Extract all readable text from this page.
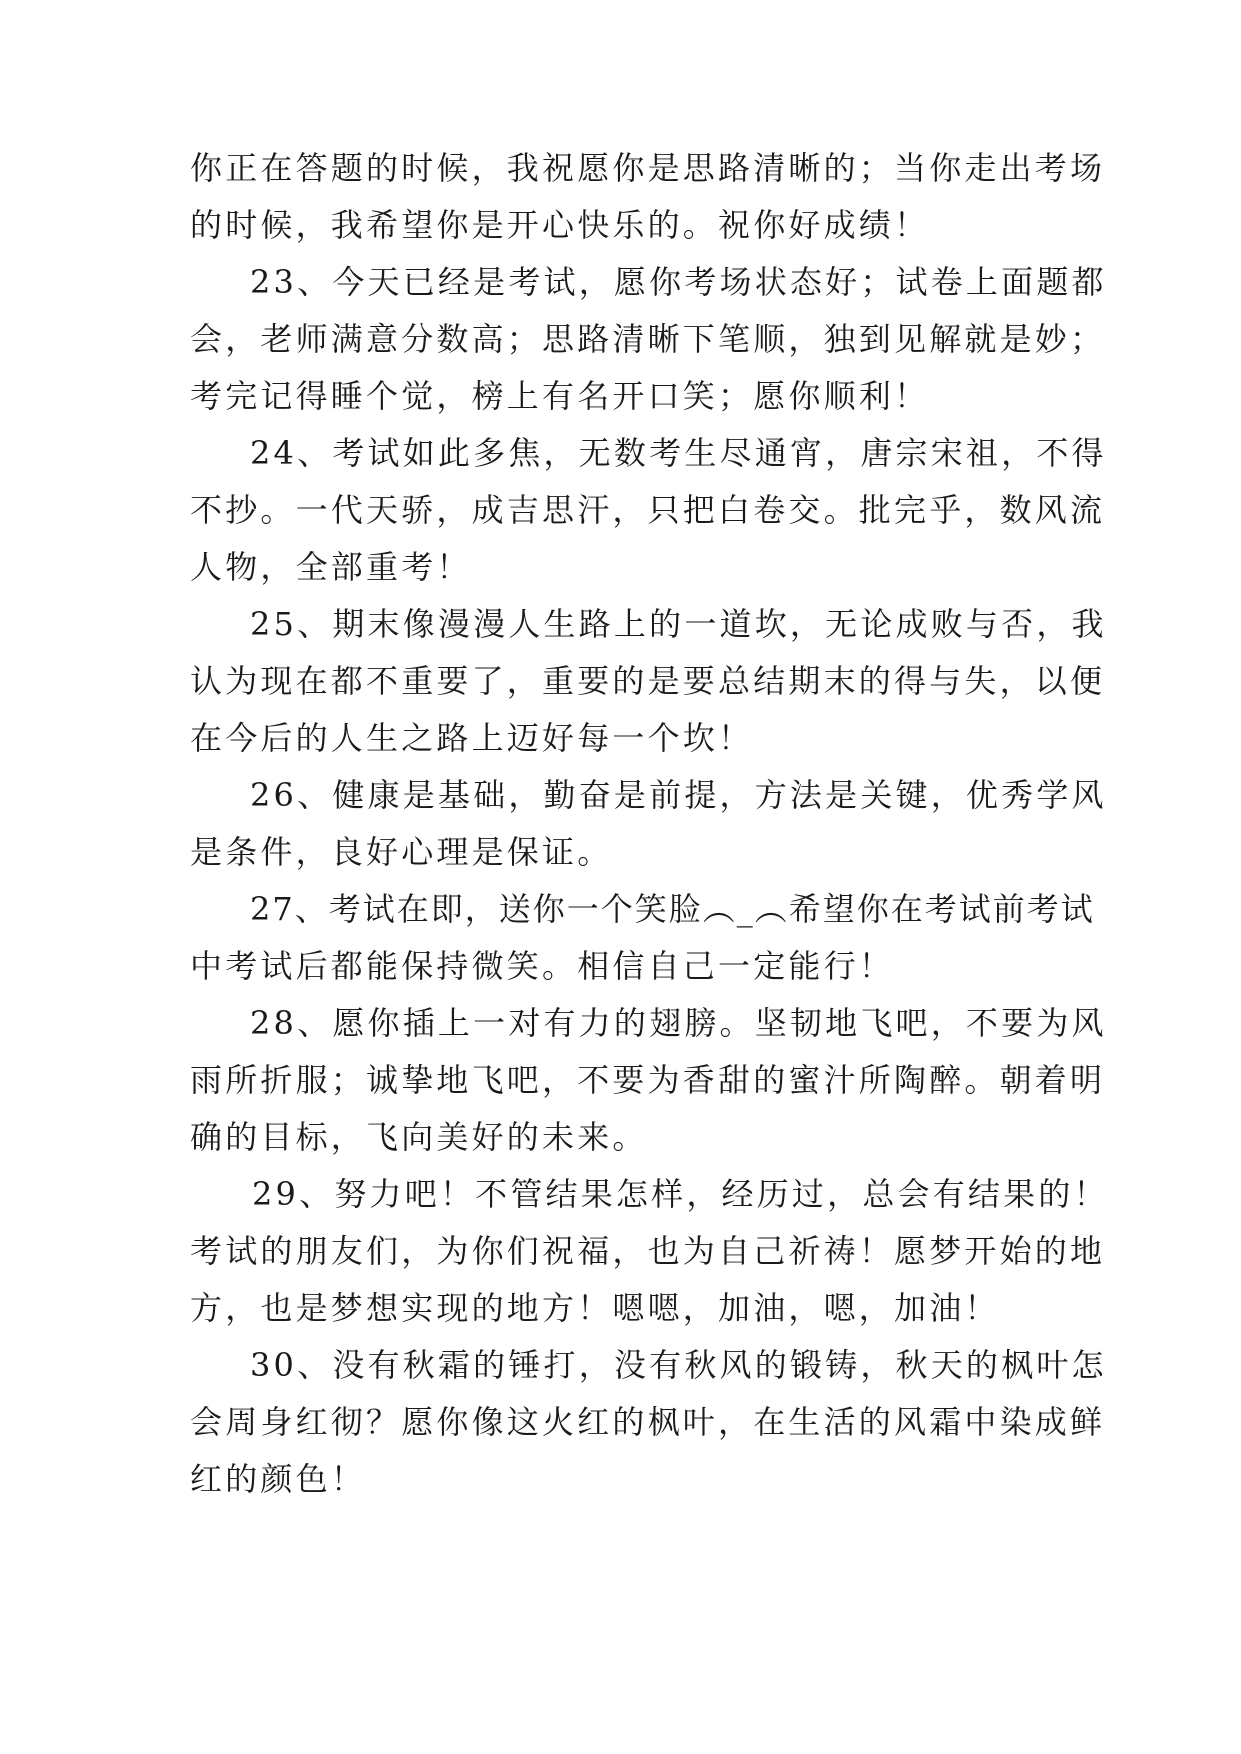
你正在答题的时候，我祝愿你是思路清晰的；当你走出考场
的时候，我希望你是开心快乐的。祝你好成绩！
23、今天已经是考试，愿你考场状态好；试卷上面题都
会，老师满意分数高；思路清晰下笔顺，独到见解就是妙；
考完记得睡个觉，榜上有名开口笑；愿你顺利！
24、考试如此多焦，无数考生尽通宵，唐宗宋祖，不得
不抄。一代天骄，成吉思汗，只把白卷交。批完乎，数风流
人物，全部重考！
25、期末像漫漫人生路上的一道坎，无论成败与否，我
认为现在都不重要了，重要的是要总结期末的得与失，以便
在今后的人生之路上迈好每一个坎！
26、健康是基础，勤奋是前提，方法是关键，优秀学风
是条件，良好心理是保证。
27、考试在即，送你一个笑脸︵_︵希望你在考试前考试
中考试后都能保持微笑。相信自己一定能行！
28、愿你插上一对有力的翅膀。坚韧地飞吧，不要为风
雨所折服；诚挚地飞吧，不要为香甜的蜜汁所陶醉。朝着明
确的目标，飞向美好的未来。
29、努力吧！不管结果怎样，经历过，总会有结果的！
考试的朋友们，为你们祝福，也为自己祈祷！愿梦开始的地
方，也是梦想实现的地方！嗯嗯，加油，嗯，加油！
30、没有秋霜的锤打，没有秋风的锻铸，秋天的枫叶怎
会周身红彻？愿你像这火红的枫叶，在生活的风霜中染成鲜
红的颜色！
